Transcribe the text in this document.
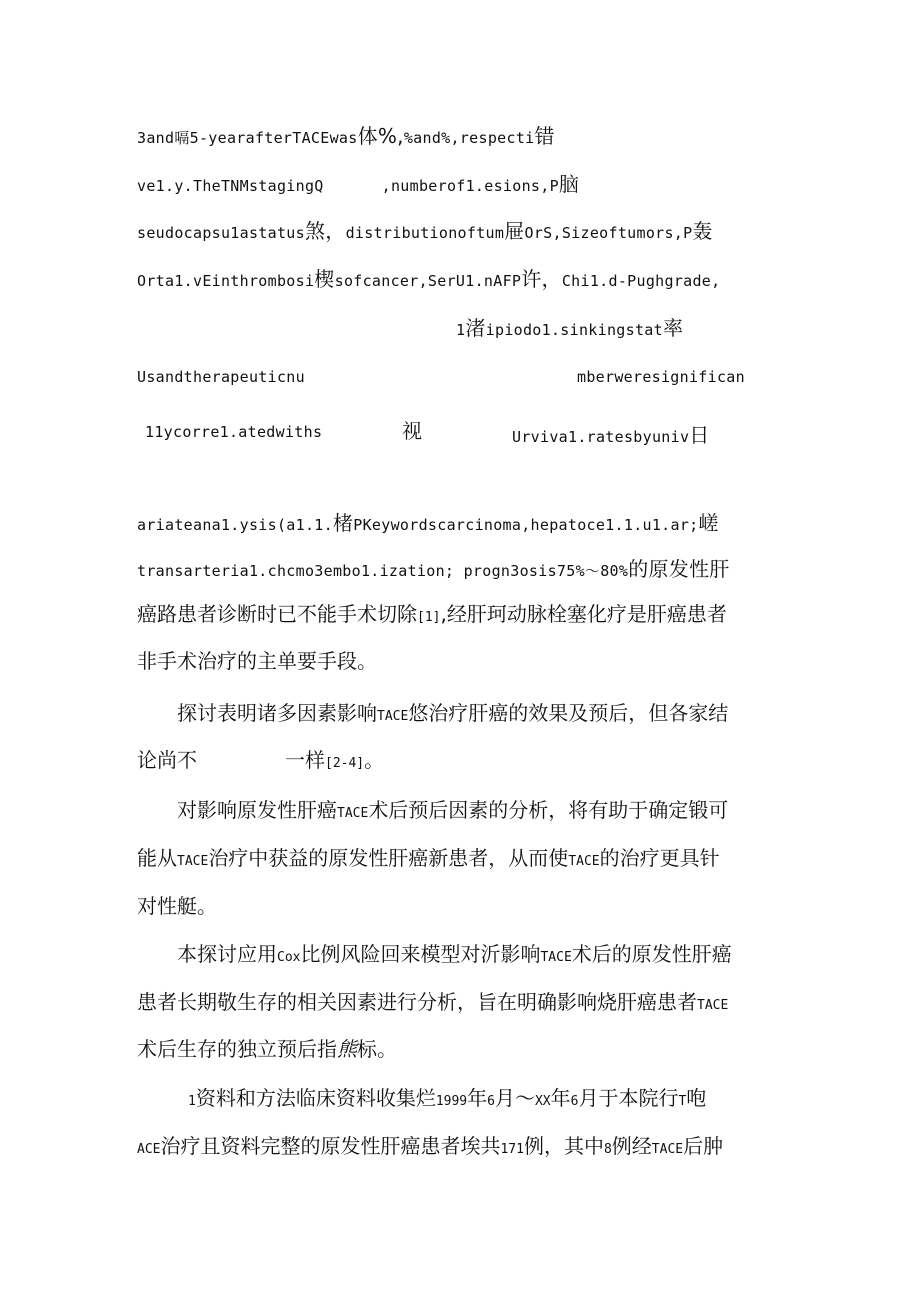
3and嗝5-yearafterTACEwas体%,%and%,respecti错
ve1.y.TheTNMstagingQ	,numberof1.esions,P脑
seudocapsu1astatus煞，distributionoftum屉OrS,Sizeoftumors,P轰
Orta1.vEinthrombosi楔sofcancer,SerU1.nAFP许，Chi1.d-Pughgrade,
1渚ipiodo1.sinkingstat率
Usandtherapeuticnu	mberweresignifican
11ycorre1.atedwiths	视	Urviva1.ratesbyuniv日
ariateana1.ysis(a1.1.楮PKeywordscarcinoma,hepatoce1.1.u1.ar;嵯
transarteria1.chcmo3embo1.ization; progn3osis75%～80%的原发性肝
癌路患者诊断时已不能手术切除[1],经肝珂动脉栓塞化疗是肝癌患者
非手术治疗的主单要手段。
探讨表明诸多因素影响TACE悠治疗肝癌的效果及预后，但各家结
论尚不	一样[2-4]。
对影响原发性肝癌TACE术后预后因素的分析，将有助于确定锻可
能从TACE治疗中获益的原发性肝癌新患者，从而使TACE的治疗更具针
对性艇。
本探讨应用Cox比例风险回来模型对沂影响TACE术后的原发性肝癌
患者长期敬生存的相关因素进行分析，旨在明确影响烧肝癌患者TACE
术后生存的独立预后指熊标。
1资料和方法临床资料收集烂1999年6月～XX年6月于本院行T咆
ACE治疗且资料完整的原发性肝癌患者埃共171例，其中8例经TACE后肿
